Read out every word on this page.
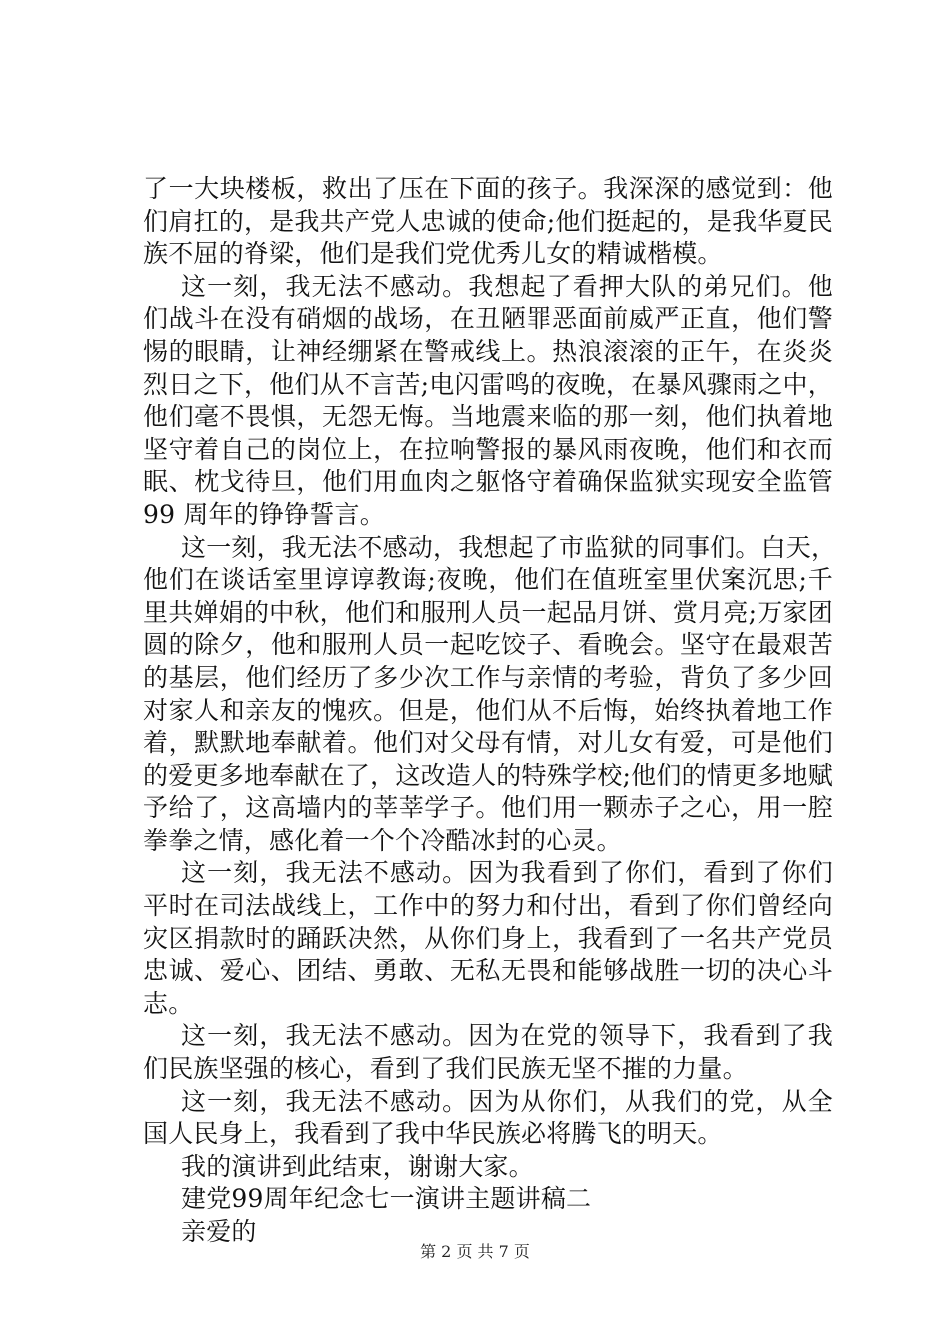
了一大块楼板，救出了压在下面的孩子。我深深的感觉到：他
们肩扛的，是我共产党人忠诚的使命;他们挺起的，是我华夏民
族不屈的脊梁，他们是我们党优秀儿女的精诚楷模。
这一刻，我无法不感动。我想起了看押大队的弟兄们。他
们战斗在没有硝烟的战场，在丑陋罪恶面前威严正直，他们警
惕的眼睛，让神经绷紧在警戒线上。热浪滚滚的正午，在炎炎
烈日之下，他们从不言苦;电闪雷鸣的夜晚，在暴风骤雨之中，
他们毫不畏惧，无怨无悔。当地震来临的那一刻，他们执着地
坚守着自己的岗位上，在拉响警报的暴风雨夜晚，他们和衣而
眠、枕戈待旦，他们用血肉之躯恪守着确保监狱实现安全监管
99 周年的铮铮誓言。
这一刻，我无法不感动，我想起了市监狱的同事们。白天，
他们在谈话室里谆谆教诲;夜晚，他们在值班室里伏案沉思;千
里共婵娟的中秋，他们和服刑人员一起品月饼、赏月亮;万家团
圆的除夕，他和服刑人员一起吃饺子、看晚会。坚守在最艰苦
的基层，他们经历了多少次工作与亲情的考验，背负了多少回
对家人和亲友的愧疚。但是，他们从不后悔，始终执着地工作
着，默默地奉献着。他们对父母有情，对儿女有爱，可是他们
的爱更多地奉献在了，这改造人的特殊学校;他们的情更多地赋
予给了，这高墙内的莘莘学子。他们用一颗赤子之心，用一腔
拳拳之情，感化着一个个冷酷冰封的心灵。
这一刻，我无法不感动。因为我看到了你们，看到了你们
平时在司法战线上，工作中的努力和付出，看到了你们曾经向
灾区捐款时的踊跃决然，从你们身上，我看到了一名共产党员
忠诚、爱心、团结、勇敢、无私无畏和能够战胜一切的决心斗
志。
这一刻，我无法不感动。因为在党的领导下，我看到了我
们民族坚强的核心，看到了我们民族无坚不摧的力量。
这一刻，我无法不感动。因为从你们，从我们的党，从全
国人民身上，我看到了我中华民族必将腾飞的明天。
我的演讲到此结束，谢谢大家。
建党99周年纪念七一演讲主题讲稿二
亲爱的
第 2 页 共 7 页
